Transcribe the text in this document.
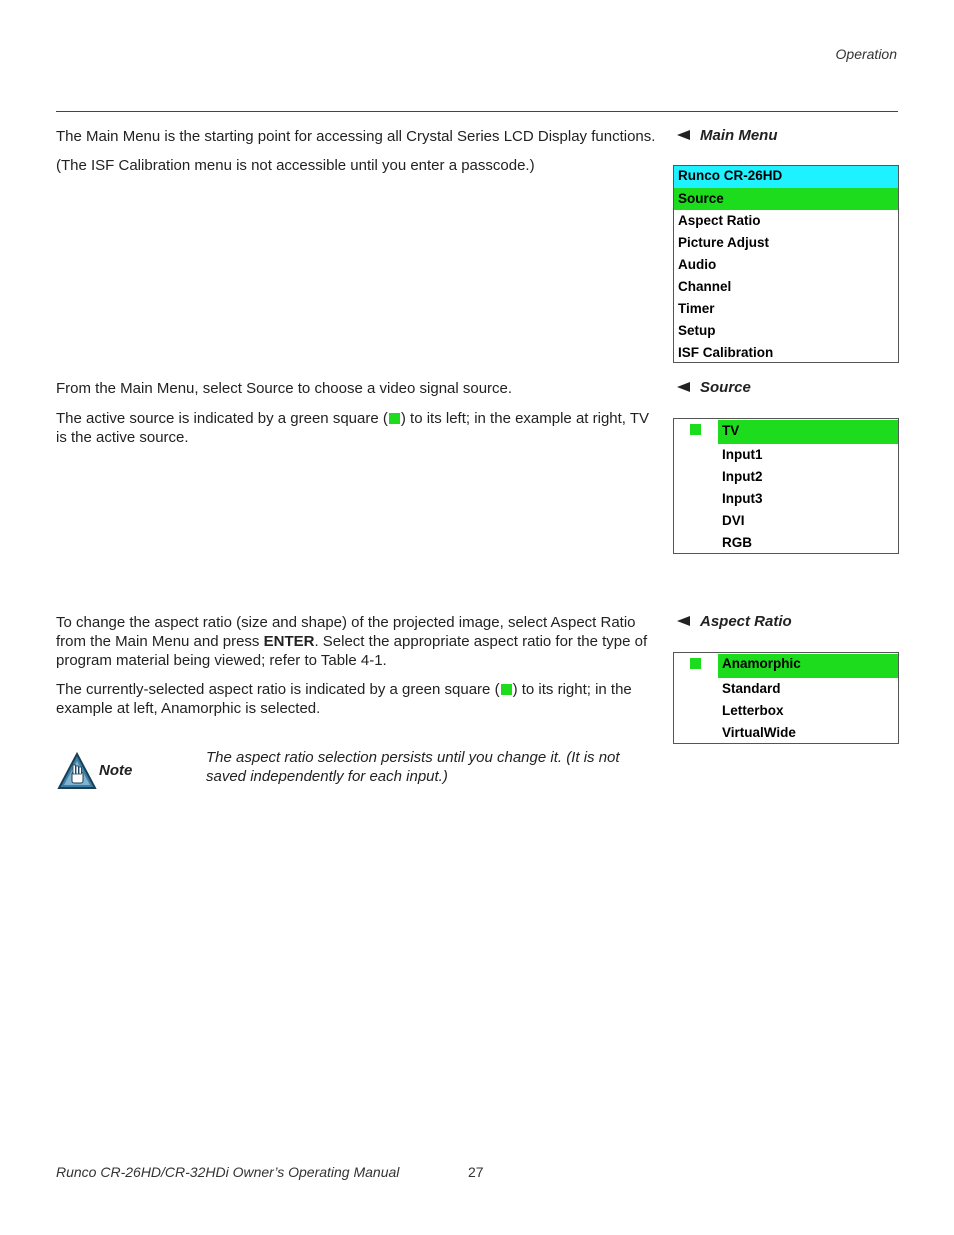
Operation

The Main Menu is the starting point for accessing all Crystal Series LCD Display functions.

(The ISF Calibration menu is not accessible until you enter a passcode.)

Main Menu
Runco CR-26HD
Source
Aspect Ratio
Picture Adjust
Audio
Channel
Timer
Setup
ISF Calibration

From the Main Menu, select Source to choose a video signal source.

The active source is indicated by a green square ( ) to its left; in the example at right, TV is the active source.

Source
TV
Input1
Input2
Input3
DVI
RGB

To change the aspect ratio (size and shape) of the projected image, select Aspect Ratio from the Main Menu and press ENTER. Select the appropriate aspect ratio for the type of program material being viewed; refer to Table 4-1.

The currently-selected aspect ratio is indicated by a green square ( ) to its right; in the example at left, Anamorphic is selected.

Aspect Ratio
Anamorphic
Standard
Letterbox
VirtualWide
Note
The aspect ratio selection persists until you change it. (It is not saved independently for each input.)
Runco CR-26HD/CR-32HDi Owner’s Operating Manual	27
